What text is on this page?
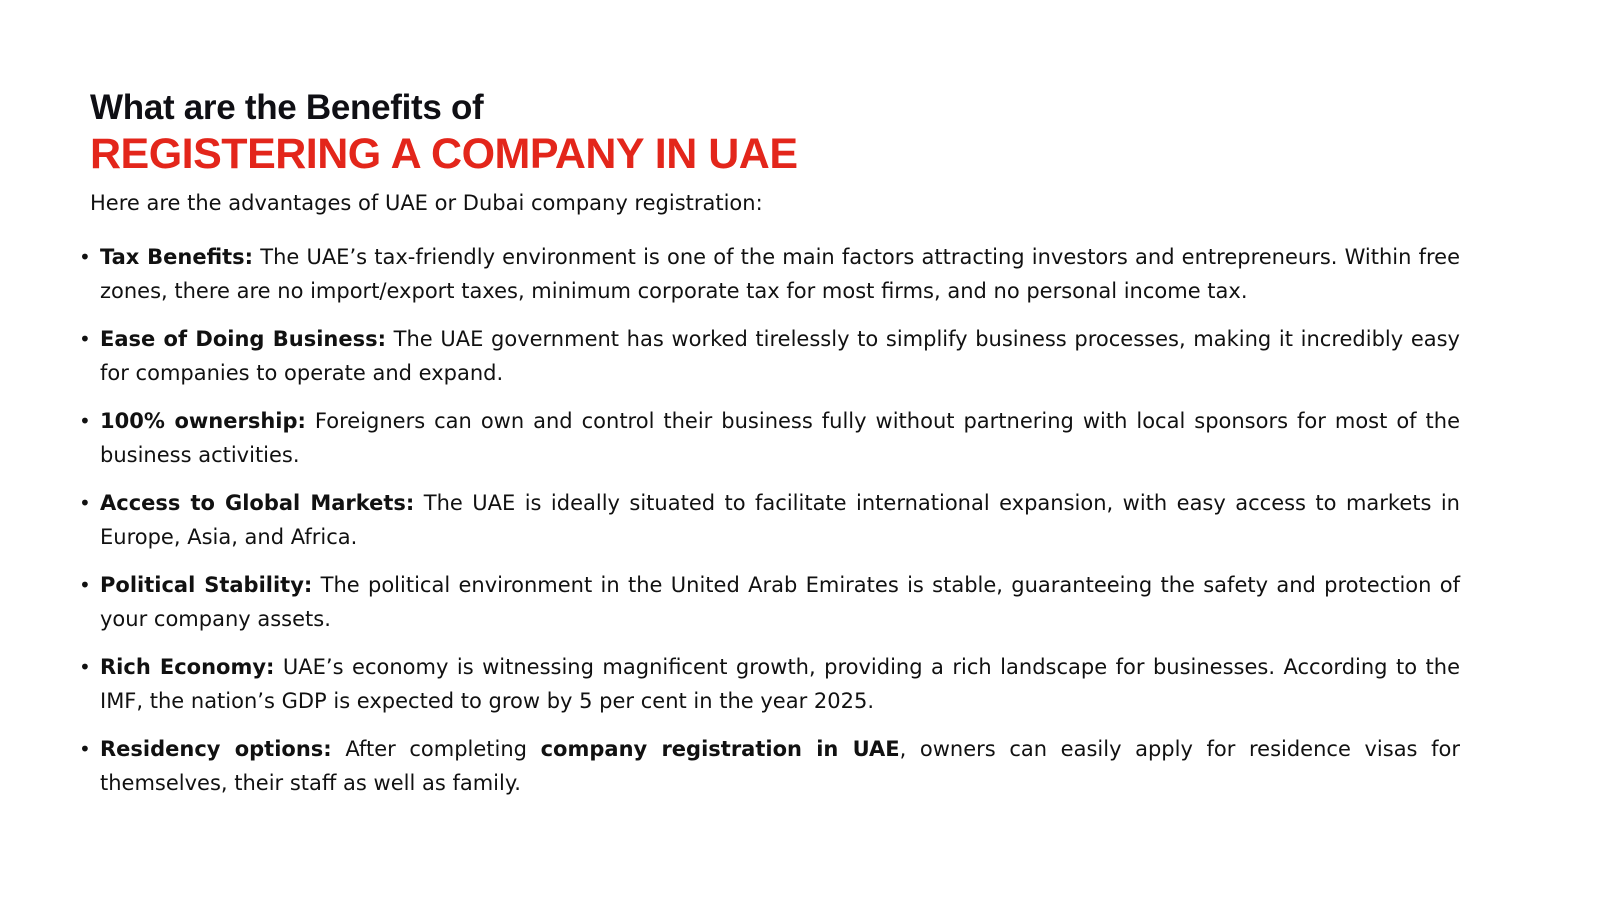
What are the Benefits of
REGISTERING A COMPANY IN UAE

Here are the advantages of UAE or Dubai company registration:

• Tax Benefits: The UAE’s tax-friendly environment is one of the main factors attracting investors and entrepreneurs. Within free zones, there are no import/export taxes, minimum corporate tax for most firms, and no personal income tax.
• Ease of Doing Business: The UAE government has worked tirelessly to simplify business processes, making it incredibly easy for companies to operate and expand.
• 100% ownership: Foreigners can own and control their business fully without partnering with local sponsors for most of the business activities.
• Access to Global Markets: The UAE is ideally situated to facilitate international expansion, with easy access to markets in Europe, Asia, and Africa.
• Political Stability: The political environment in the United Arab Emirates is stable, guaranteeing the safety and protection of your company assets.
• Rich Economy: UAE’s economy is witnessing magnificent growth, providing a rich landscape for businesses. According to the IMF, the nation’s GDP is expected to grow by 5 per cent in the year 2025.
• Residency options: After completing company registration in UAE, owners can easily apply for residence visas for themselves, their staff as well as family.
